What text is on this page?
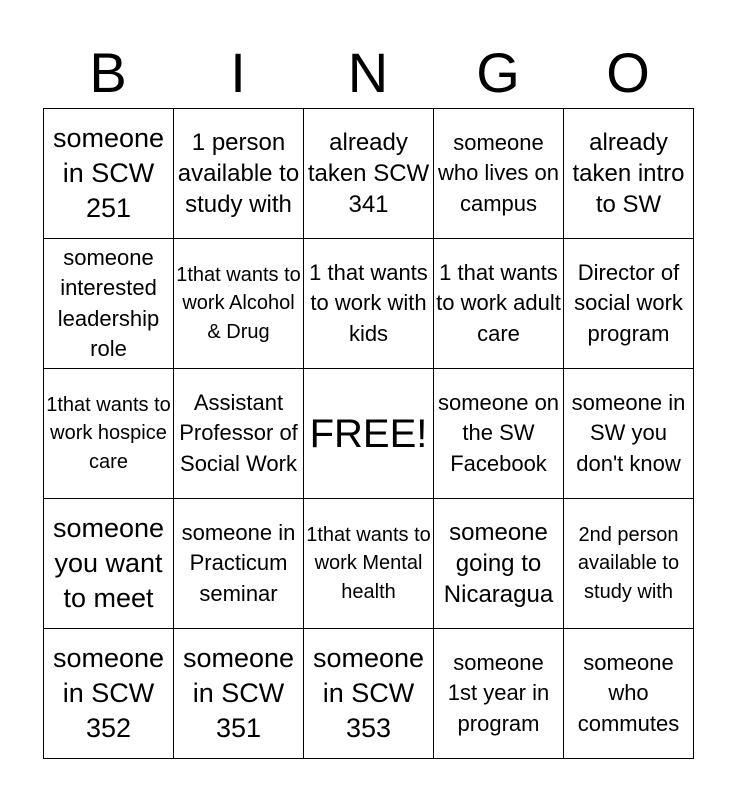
B	I	N	G	O
someone in SCW 251	1 person available to study with	already taken SCW 341	someone who lives on campus	already taken intro to SW
someone interested leadership role	1that wants to work Alcohol & Drug	1 that wants to work with kids	1 that wants to work adult care	Director of social work program
1that wants to work hospice care	Assistant Professor of Social Work	FREE!	someone on the SW Facebook	someone in SW you don't know
someone you want to meet	someone in Practicum seminar	1that wants to work Mental health	someone going to Nicaragua	2nd person available to study with
someone in SCW 352	someone in SCW 351	someone in SCW 353	someone 1st year in program	someone who commutes
